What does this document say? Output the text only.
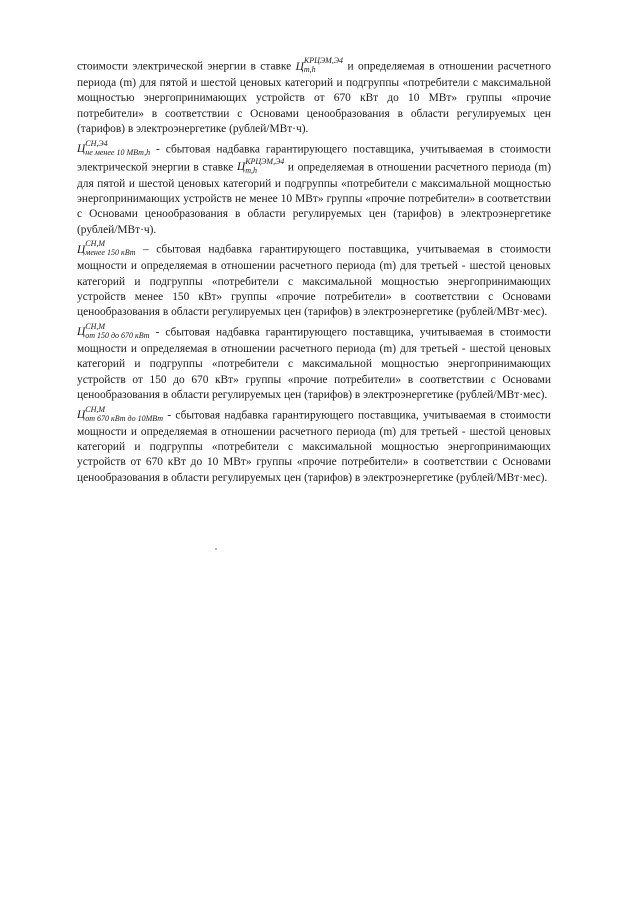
стоимости электрической энергии в ставке Ц
КРЦЭМ,Э4
m,h	и определяемая в отношении расчетного периода (m) для пятой и шестой ценовых категорий и подгруппы «потребители с максимальной мощностью энергопринимающих устройств от 670 кВт до 10 МВт» группы «прочие потребители» в соответствии с Основами ценообразования в области регулируемых цен (тарифов) в электроэнергетике (рублей/МВт·ч).

Ц
СН,Э4
не менее 10 МВт,h - сбытовая надбавка гарантирующего поставщика, учитываемая в стоимости электрической энергии в ставке Ц
КРЦЭМ,Э4
m,h	и определяемая в отношении расчетного периода (m) для пятой и шестой ценовых категорий и подгруппы «потребители с максимальной мощностью энергопринимающих устройств не менее 10 МВт» группы «прочие потребители» в соответствии с Основами ценообразования в области регулируемых цен (тарифов) в электроэнергетике (рублей/МВт·ч).

Ц
СН,М
менее 150 кВт – сбытовая надбавка гарантирующего поставщика, учитываемая в стоимости мощности и определяемая в отношении расчетного периода (m) для третьей - шестой ценовых категорий и подгруппы «потребители с максимальной мощностью энергопринимающих устройств менее 150 кВт» группы «прочие потребители» в соответствии с Основами ценообразования в области регулируемых цен (тарифов) в электроэнергетике (рублей/МВт·мес).

Ц
СН,М
от 150 до 670 кВт - сбытовая надбавка гарантирующего поставщика, учитываемая в стоимости мощности и определяемая в отношении расчетного периода (m) для третьей - шестой ценовых категорий и подгруппы «потребители с максимальной мощностью энергопринимающих устройств от 150 до 670 кВт» группы «прочие потребители» в соответствии с Основами ценообразования в области регулируемых цен (тарифов) в электроэнергетике (рублей/МВт·мес).

Ц
СН,М
от 670 кВт до 10МВт - сбытовая надбавка гарантирующего поставщика, учитываемая в стоимости мощности и определяемая в отношении расчетного периода (m) для третьей - шестой ценовых категорий и подгруппы «потребители с максимальной мощностью энергопринимающих устройств от 670 кВт до 10 МВт» группы «прочие потребители» в соответствии с Основами ценообразования в области регулируемых цен (тарифов) в электроэнергетике (рублей/МВт·мес).
